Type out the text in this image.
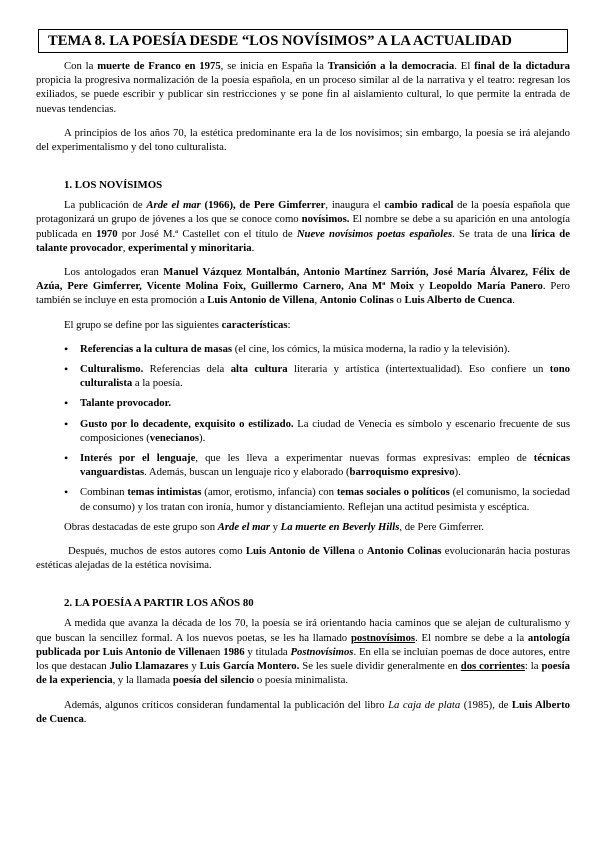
TEMA 8. LA POESÍA DESDE “LOS NOVÍSIMOS” A LA ACTUALIDAD

Con la muerte de Franco en 1975, se inicia en España la Transición a la democracia. El final de la dictadura propicia la progresiva normalización de la poesía española, en un proceso similar al de la narrativa y el teatro: regresan los exiliados, se puede escribir y publicar sin restricciones y se pone fin al aislamiento cultural, lo que permite la entrada de nuevas tendencias.

A principios de los años 70, la estética predominante era la de los novísimos; sin embargo, la poesía se irá alejando del experimentalismo y del tono culturalista.

1. LOS NOVÍSIMOS

La publicación de Arde el mar (1966), de Pere Gimferrer, inaugura el cambio radical de la poesía española que protagonizará un grupo de jóvenes a los que se conoce como novísimos. El nombre se debe a su aparición en una antología publicada en 1970 por José M.ª Castellet con el título de Nueve novísimos poetas españoles. Se trata de una lírica de talante provocador, experimental y minoritaria.

Los antologados eran Manuel Vázquez Montalbán, Antonio Martínez Sarrión, José María Álvarez, Félix de Azúa, Pere Gimferrer, Vicente Molina Foix, Guillermo Carnero, Ana Mª Moix y Leopoldo María Panero. Pero también se incluye en esta promoción a Luis Antonio de Villena, Antonio Colinas o Luis Alberto de Cuenca.

El grupo se define por las siguientes características:

• Referencias a la cultura de masas (el cine, los cómics, la música moderna, la radio y la televisión).
• Culturalismo. Referencias dela alta cultura literaria y artística (intertextualidad). Eso confiere un tono culturalista a la poesía.
• Talante provocador.
• Gusto por lo decadente, exquisito o estilizado. La ciudad de Venecia es símbolo y escenario frecuente de sus composiciones (venecianos).
• Interés por el lenguaje, que les lleva a experimentar nuevas formas expresivas: empleo de técnicas vanguardistas. Además, buscan un lenguaje rico y elaborado (barroquismo expresivo).
• Combinan temas intimistas (amor, erotismo, infancia) con temas sociales o políticos (el comunismo, la sociedad de consumo) y los tratan con ironía, humor y distanciamiento. Reflejan una actitud pesimista y escéptica.

Obras destacadas de este grupo son Arde el mar y La muerte en Beverly Hills, de Pere Gimferrer.

Después, muchos de estos autores como Luis Antonio de Villena o Antonio Colinas evolucionarán hacia posturas estéticas alejadas de la estética novísima.

2. LA POESÍA A PARTIR LOS AÑOS 80

A medida que avanza la década de los 70, la poesía se irá orientando hacia caminos que se alejan de culturalismo y que buscan la sencillez formal. A los nuevos poetas, se les ha llamado postnovísimos. El nombre se debe a la antología publicada por Luis Antonio de Villenaen 1986 y titulada Postnovísimos. En ella se incluían poemas de doce autores, entre los que destacan Julio Llamazares y Luis García Montero. Se les suele dividir generalmente en dos corrientes: la poesía de la experiencia, y la llamada poesía del silencio o poesía minimalista.

Además, algunos críticos consideran fundamental la publicación del libro La caja de plata (1985), de Luis Alberto de Cuenca.
